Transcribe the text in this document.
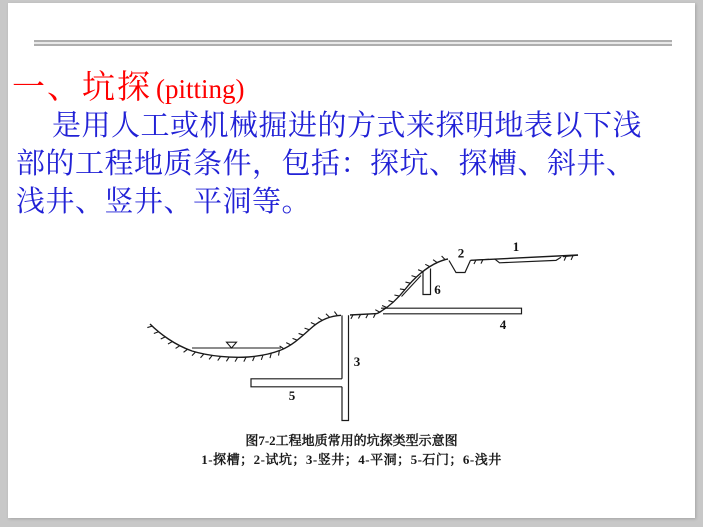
一、坑探 (pitting)
是用人工或机械掘进的方式来探明地表以下浅
部的工程地质条件，包括：探坑、探槽、斜井、
浅井、竖井、平洞等。
1
2
3
4
5
6
图7-2工程地质常用的坑探类型示意图
1-探槽；2-试坑；3-竖井；4-平洞；5-石门；6-浅井
